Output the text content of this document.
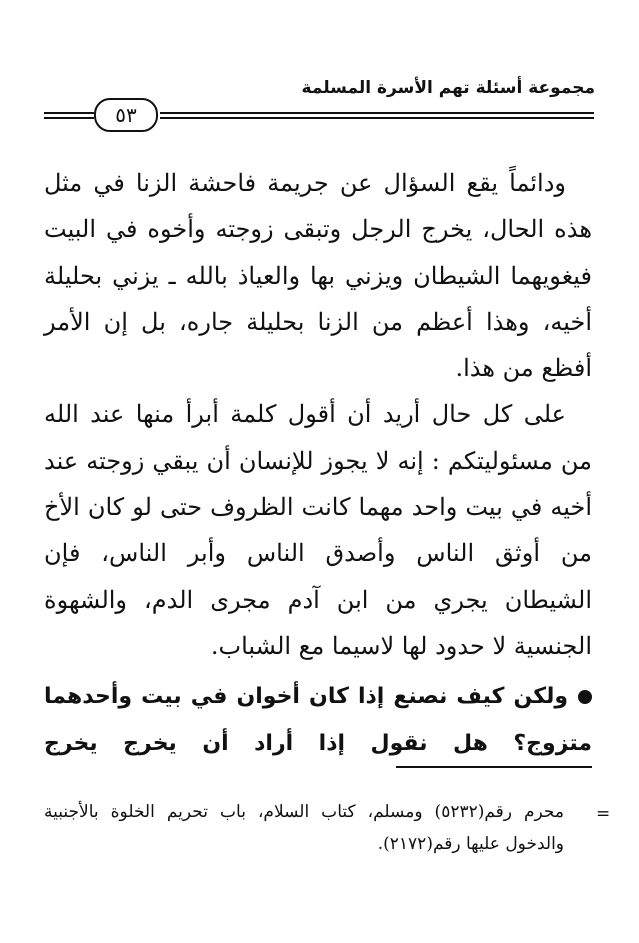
مجموعة أسئلة تهم الأسرة المسلمة
٥٣

ودائماً يقع السؤال عن جريمة فاحشة الزنا في مثل هذه الحال، يخرج الرجل وتبقى زوجته وأخوه في البيت فيغويهما الشيطان ويزني بها والعياذ بالله ـ يزني بحليلة أخيه، وهذا أعظم من الزنا بحليلة جاره، بل إن الأمر أفظع من هذا.

على كل حال أريد أن أقول كلمة أبرأ منها عند الله من مسئوليتكم : إنه لا يجوز للإنسان أن يبقي زوجته عند أخيه في بيت واحد مهما كانت الظروف حتى لو كان الأخ من أوثق الناس وأصدق الناس وأبر الناس، فإن الشيطان يجري من ابن آدم مجرى الدم، والشهوة الجنسية لا حدود لها لاسيما مع الشباب.

ولكن كيف نصنع إذا كان أخوان في بيت وأحدهما متزوج؟ هل نقول إذا أراد أن يخرج يخرج

=
محرم رقم(٥٢٣٢) ومسلم، كتاب السلام، باب تحريم الخلوة بالأجنبية والدخول عليها رقم(٢١٧٢).
